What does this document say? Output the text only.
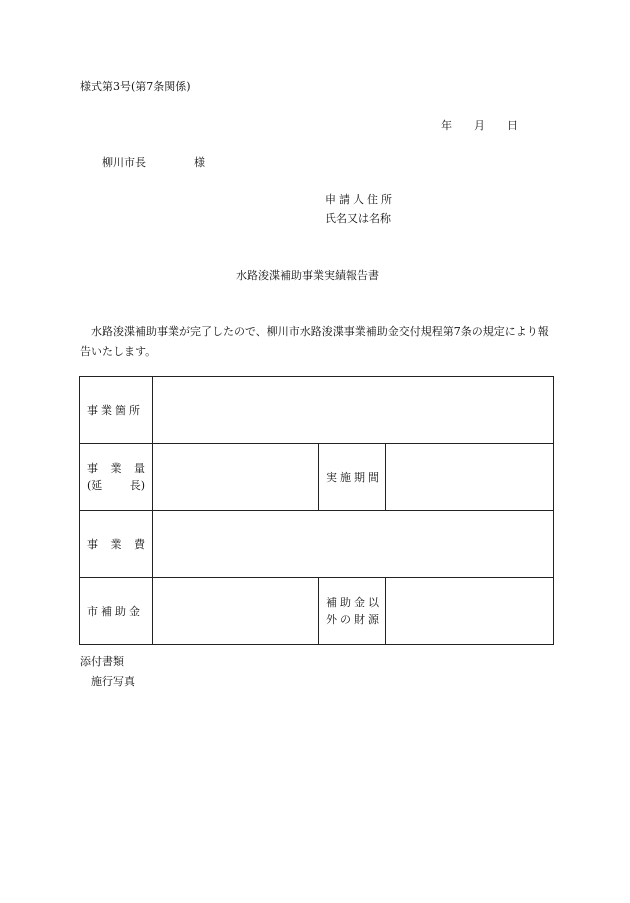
様式第3号(第7条関係)
年 月 日
柳川市長	様
申請人住所
氏名又は名称
水路浚渫補助事業実績報告書
水路浚渫補助事業が完了したので、柳川市水路浚渫事業補助金交付規程第7条の規定により報告いたします。
事業箇所			

事 業 量
(延 長)		実施期間	

事 業 費			

市補助金		補助金以
外の財源	

添付書類
施行写真
